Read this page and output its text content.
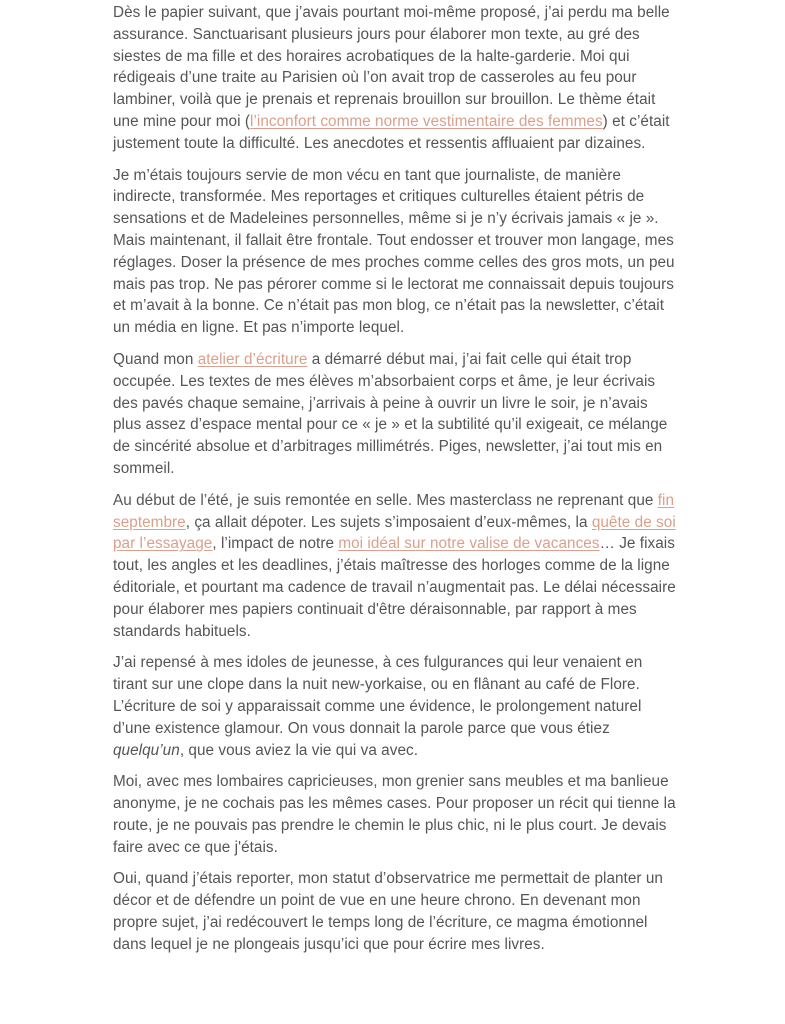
Dès le papier suivant, que j’avais pourtant moi-même proposé, j’ai perdu ma belle assurance. Sanctuarisant plusieurs jours pour élaborer mon texte, au gré des siestes de ma fille et des horaires acrobatiques de la halte-garderie. Moi qui rédigeais d’une traite au Parisien où l’on avait trop de casseroles au feu pour lambiner, voilà que je prenais et reprenais brouillon sur brouillon. Le thème était une mine pour moi (l’inconfort comme norme vestimentaire des femmes) et c’était justement toute la difficulté. Les anecdotes et ressentis affluaient par dizaines.

Je m’étais toujours servie de mon vécu en tant que journaliste, de manière indirecte, transformée. Mes reportages et critiques culturelles étaient pétris de sensations et de Madeleines personnelles, même si je n’y écrivais jamais « je ». Mais maintenant, il fallait être frontale. Tout endosser et trouver mon langage, mes réglages. Doser la présence de mes proches comme celles des gros mots, un peu mais pas trop. Ne pas pérorer comme si le lectorat me connaissait depuis toujours et m’avait à la bonne. Ce n’était pas mon blog, ce n’était pas la newsletter, c’était un média en ligne. Et pas n’importe lequel.

Quand mon atelier d’écriture a démarré début mai, j’ai fait celle qui était trop occupée. Les textes de mes élèves m’absorbaient corps et âme, je leur écrivais des pavés chaque semaine, j’arrivais à peine à ouvrir un livre le soir, je n’avais plus assez d’espace mental pour ce « je » et la subtilité qu’il exigeait, ce mélange de sincérité absolue et d’arbitrages millimétrés. Piges, newsletter, j’ai tout mis en sommeil.

Au début de l’été, je suis remontée en selle. Mes masterclass ne reprenant que fin septembre, ça allait dépoter. Les sujets s’imposaient d’eux-mêmes, la quête de soi par l’essayage, l’impact de notre moi idéal sur notre valise de vacances… Je fixais tout, les angles et les deadlines, j’étais maîtresse des horloges comme de la ligne éditoriale, et pourtant ma cadence de travail n’augmentait pas. Le délai nécessaire pour élaborer mes papiers continuait d'être déraisonnable, par rapport à mes standards habituels.

J’ai repensé à mes idoles de jeunesse, à ces fulgurances qui leur venaient en tirant sur une clope dans la nuit new-yorkaise, ou en flânant au café de Flore. L’écriture de soi y apparaissait comme une évidence, le prolongement naturel d’une existence glamour. On vous donnait la parole parce que vous étiez quelqu’un, que vous aviez la vie qui va avec.

Moi, avec mes lombaires capricieuses, mon grenier sans meubles et ma banlieue anonyme, je ne cochais pas les mêmes cases. Pour proposer un récit qui tienne la route, je ne pouvais pas prendre le chemin le plus chic, ni le plus court. Je devais faire avec ce que j'étais.

Oui, quand j’étais reporter, mon statut d’observatrice me permettait de planter un décor et de défendre un point de vue en une heure chrono. En devenant mon propre sujet, j’ai redécouvert le temps long de l’écriture, ce magma émotionnel dans lequel je ne plongeais jusqu’ici que pour écrire mes livres.
